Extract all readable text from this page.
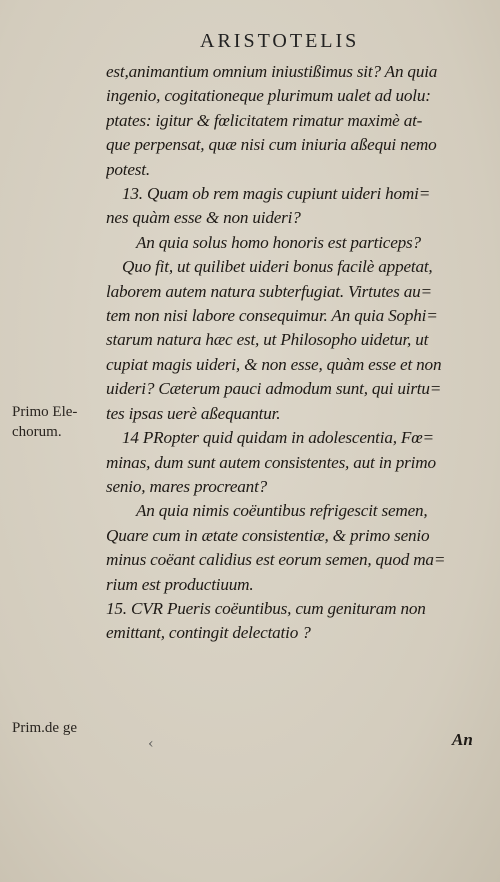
ARISTOTELIS
est,animantium omnium iniustißimus sit? An quia
ingenio, cogitationeque plurimum ualet ad uolu:
ptates: igitur & fœlicitatem rimatur maximè at-
que perpensat, quæ nisi cum iniuria aßequi nemo
potest.
13. Quam ob rem magis cupiunt uideri homi=
nes quàm esse & non uideri?
An quia solus homo honoris est particeps?
Quo fit, ut quilibet uideri bonus facilè appetat,
laborem autem natura subterfugiat. Virtutes au=
tem non nisi labore consequimur. An quia Sophi=
starum natura hæc est, ut Philosopho uidetur, ut
cupiat magis uideri, & non esse, quàm esse et non
uideri? Cæterum pauci admodum sunt, qui uirtu=
tes ipsas uerè aßequantur.
14 PRopter quid quidam in adolescentia, Fœ=
minas, dum sunt autem consistentes, aut in primo
senio, mares procreant?
An quia nimis coëuntibus refrigescit semen,
Quare cum in ætate consistentiæ, & primo senio
minus coëant calidius est eorum semen, quod ma=
rium est productiuum.
15. CVR Pueris coëuntibus, cum genituram non
emittant, contingit delectatio ?
Primo Ele-
chorum.
Prim.de ge
‹	An
